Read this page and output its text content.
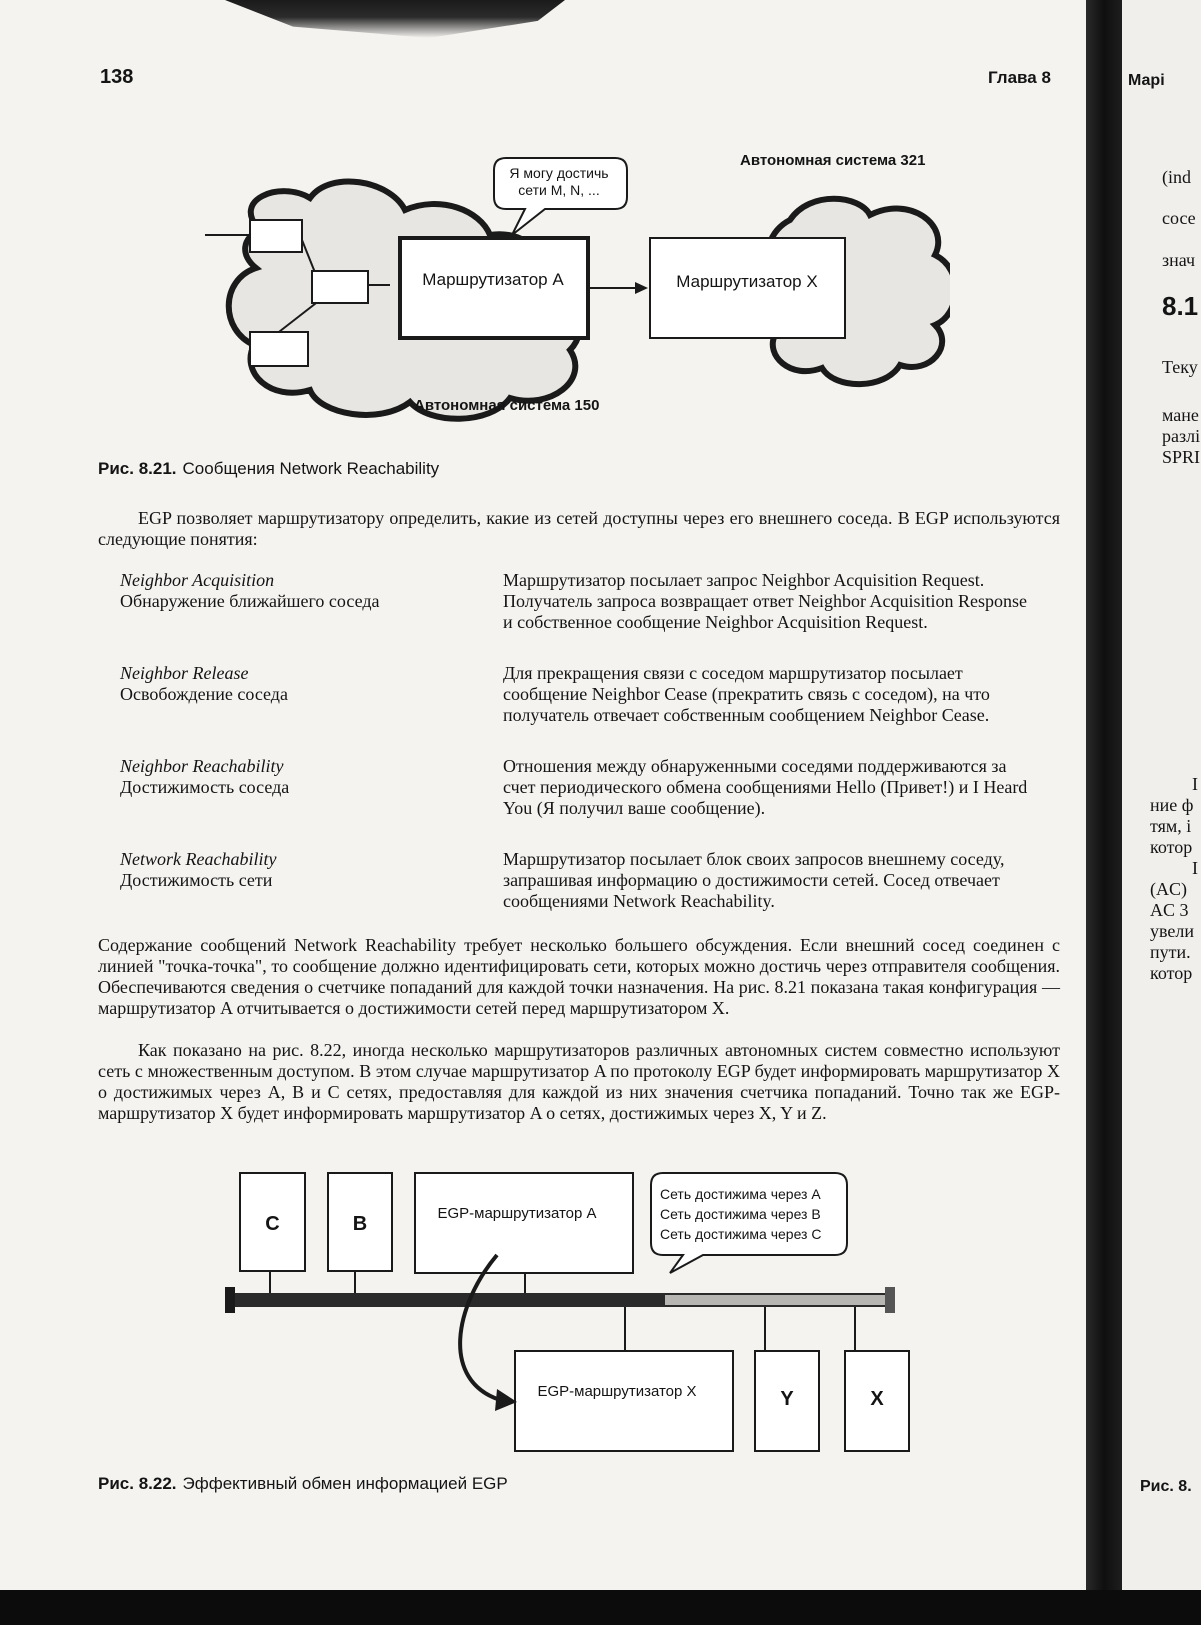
138	Глава 8
Я могу достичь сети M, N, ...
Автономная система 321
Автономная система 150
Маршрутизатор A	Маршрутизатор X
Рис. 8.21. Сообщения Network Reachability
EGP позволяет маршрутизатору определить, какие из сетей доступны через его внешнего соседа. В EGP используются следующие понятия:
Neighbor Acquisition
Обнаружение ближайшего соседа
Маршрутизатор посылает запрос Neighbor Acquisition Request. Получатель запроса возвращает ответ Neighbor Acquisition Response и собственное сообщение Neighbor Acquisition Request.
Neighbor Release
Освобождение соседа
Для прекращения связи с соседом маршрутизатор посылает сообщение Neighbor Cease (прекратить связь с соседом), на что получатель отвечает собственным сообщением Neighbor Cease.
Neighbor Reachability
Достижимость соседа
Отношения между обнаруженными соседями поддерживаются за счет периодического обмена сообщениями Hello (Привет!) и I Heard You (Я получил ваше сообщение).
Network Reachability
Достижимость сети
Маршрутизатор посылает блок своих запросов внешнему соседу, запрашивая информацию о достижимости сетей. Сосед отвечает сообщениями Network Reachability.
Содержание сообщений Network Reachability требует несколько большего обсуждения. Если внешний сосед соединен с линией "точка-точка", то сообщение должно идентифицировать сети, которых можно достичь через отправителя сообщения. Обеспечиваются сведения о счетчике попаданий для каждой точки назначения. На рис. 8.21 показана такая конфигурация — маршрутизатор A отчитывается о достижимости сетей перед маршрутизатором X.
Как показано на рис. 8.22, иногда несколько маршрутизаторов различных автономных систем совместно используют сеть с множественным доступом. В этом случае маршрутизатор A по протоколу EGP будет информировать маршрутизатор X о достижимых через A, B и C сетях, предоставляя для каждой из них значения счетчика попаданий. Точно так же EGP-маршрутизатор X будет информировать маршрутизатор A о сетях, достижимых через X, Y и Z.
C	B	EGP-маршрутизатор A
EGP-маршрутизатор X	Y	X
Сеть достижима через A
Сеть достижима через B
Сеть достижима через C
Рис. 8.22. Эффективный обмен информацией EGP
Марі
(ind
сосе
знач
8.1
Теку
мане
разлі
SPRI
I
ние ф
тям, і
котор
I
(AC)
AC 3
увели
пути.
котор
Рис. 8.
